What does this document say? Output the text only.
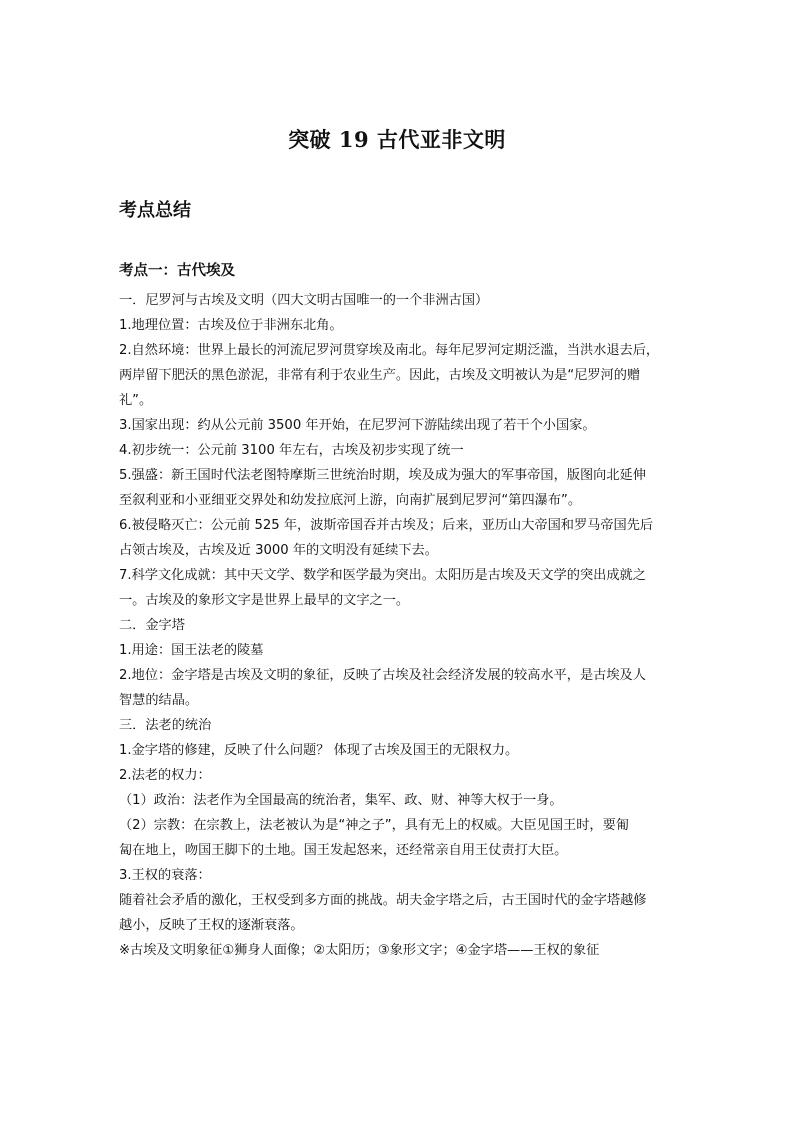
突破 19 古代亚非文明
考点总结
考点一：古代埃及

一．尼罗河与古埃及文明（四大文明古国唯一的一个非洲古国）

1.地理位置：古埃及位于非洲东北角。

2.自然环境：世界上最长的河流尼罗河贯穿埃及南北。每年尼罗河定期泛滥，当洪水退去后，

两岸留下肥沃的黑色淤泥，非常有利于农业生产。因此，古埃及文明被认为是“尼罗河的赠

礼”。

3.国家出现：约从公元前 3500 年开始，在尼罗河下游陆续出现了若干个小国家。

4.初步统一：公元前 3100 年左右，古埃及初步实现了统一

5.强盛：新王国时代法老图特摩斯三世统治时期，埃及成为强大的军事帝国，版图向北延伸

至叙利亚和小亚细亚交界处和幼发拉底河上游，向南扩展到尼罗河“第四瀑布”。

6.被侵略灭亡：公元前 525 年，波斯帝国吞并古埃及；后来，亚历山大帝国和罗马帝国先后

占领古埃及，古埃及近 3000 年的文明没有延续下去。

7.科学文化成就：其中天文学、数学和医学最为突出。太阳历是古埃及天文学的突出成就之

一。古埃及的象形文字是世界上最早的文字之一。

二．金字塔

1.用途：国王法老的陵墓

2.地位：金字塔是古埃及文明的象征，反映了古埃及社会经济发展的较高水平，是古埃及人

智慧的结晶。

三．法老的统治

1.金字塔的修建，反映了什么问题？ 体现了古埃及国王的无限权力。

2.法老的权力：

（1）政治：法老作为全国最高的统治者，集军、政、财、神等大权于一身。

（2）宗教：在宗教上，法老被认为是“神之子”，具有无上的权威。大臣见国王时，要匍

匐在地上，吻国王脚下的土地。国王发起怒来，还经常亲自用王仗责打大臣。

3.王权的衰落：

随着社会矛盾的激化，王权受到多方面的挑战。胡夫金字塔之后，古王国时代的金字塔越修

越小，反映了王权的逐渐衰落。

※古埃及文明象征①狮身人面像；②太阳历；③象形文字；④金字塔——王权的象征
